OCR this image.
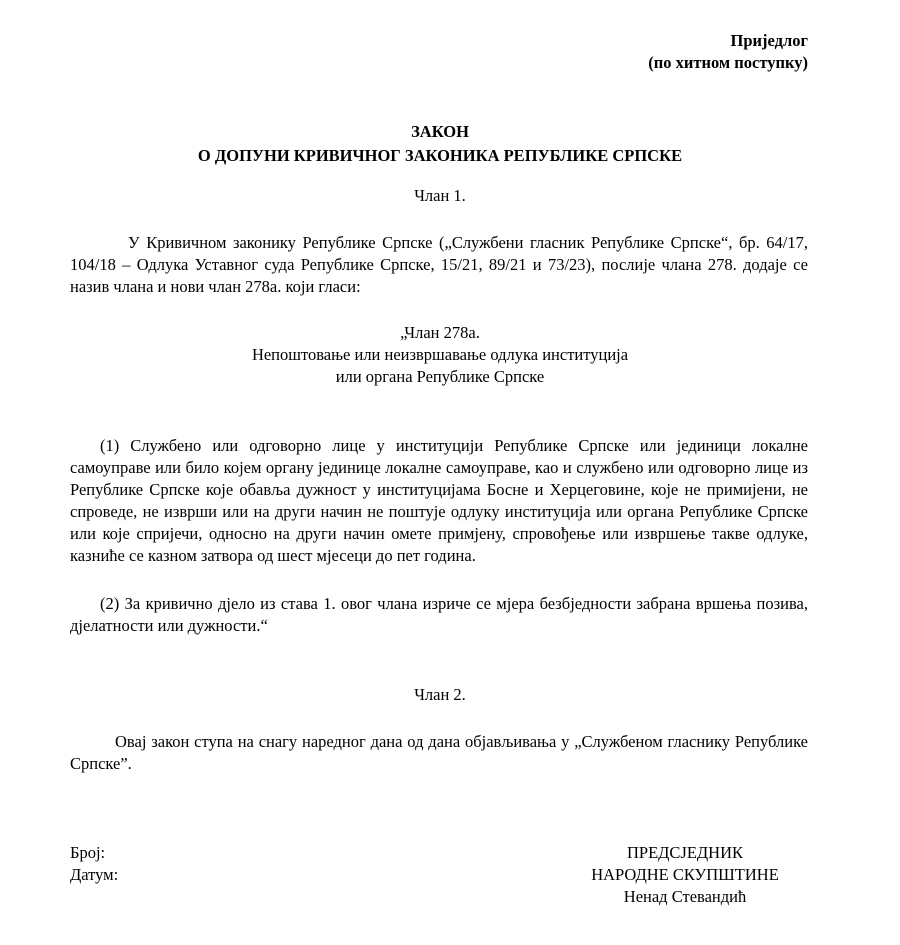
Приједлог
(по хитном поступку)
ЗАКОН
О ДОПУНИ КРИВИЧНОГ ЗАКОНИКА РЕПУБЛИКЕ СРПСКЕ
Члан 1.

У Кривичном законику Републике Српске („Службени гласник Републике Српске“, бр. 64/17, 104/18 – Одлука Уставног суда Републике Српске, 15/21, 89/21 и 73/23), послије члана 278. додаје се назив члана и нови члан 278а. који гласи:

„Члан 278а.
Непоштовање или неизвршавање одлука институција
или органа Републике Српске

(1) Службено или одговорно лице у институцији Републике Српске или јединици локалне самоуправе или било којем органу јединице локалне самоуправе, као и службено или одговорно лице из Републике Српске које обавља дужност у институцијама Босне и Херцеговине, које не примијени, не спроведе, не изврши или на други начин не поштује одлуку институција или органа Републике Српске или које спријечи, односно на други начин омете примјену, спровођење или извршење такве одлуке, казниће се казном затвора од шест мјесеци до пет година.

(2) За кривично дјело из става 1. овог члана изриче се мјера безбједности забрана вршења позива, дјелатности или дужности.“

Члан 2.

Овај закон ступа на снагу наредног дана од дана објављивања у „Службеном гласнику Републике Српске”.

Број:
Датум:
ПРЕДСЈЕДНИК
НАРОДНЕ СКУПШТИНЕ
Ненад Стевандић
